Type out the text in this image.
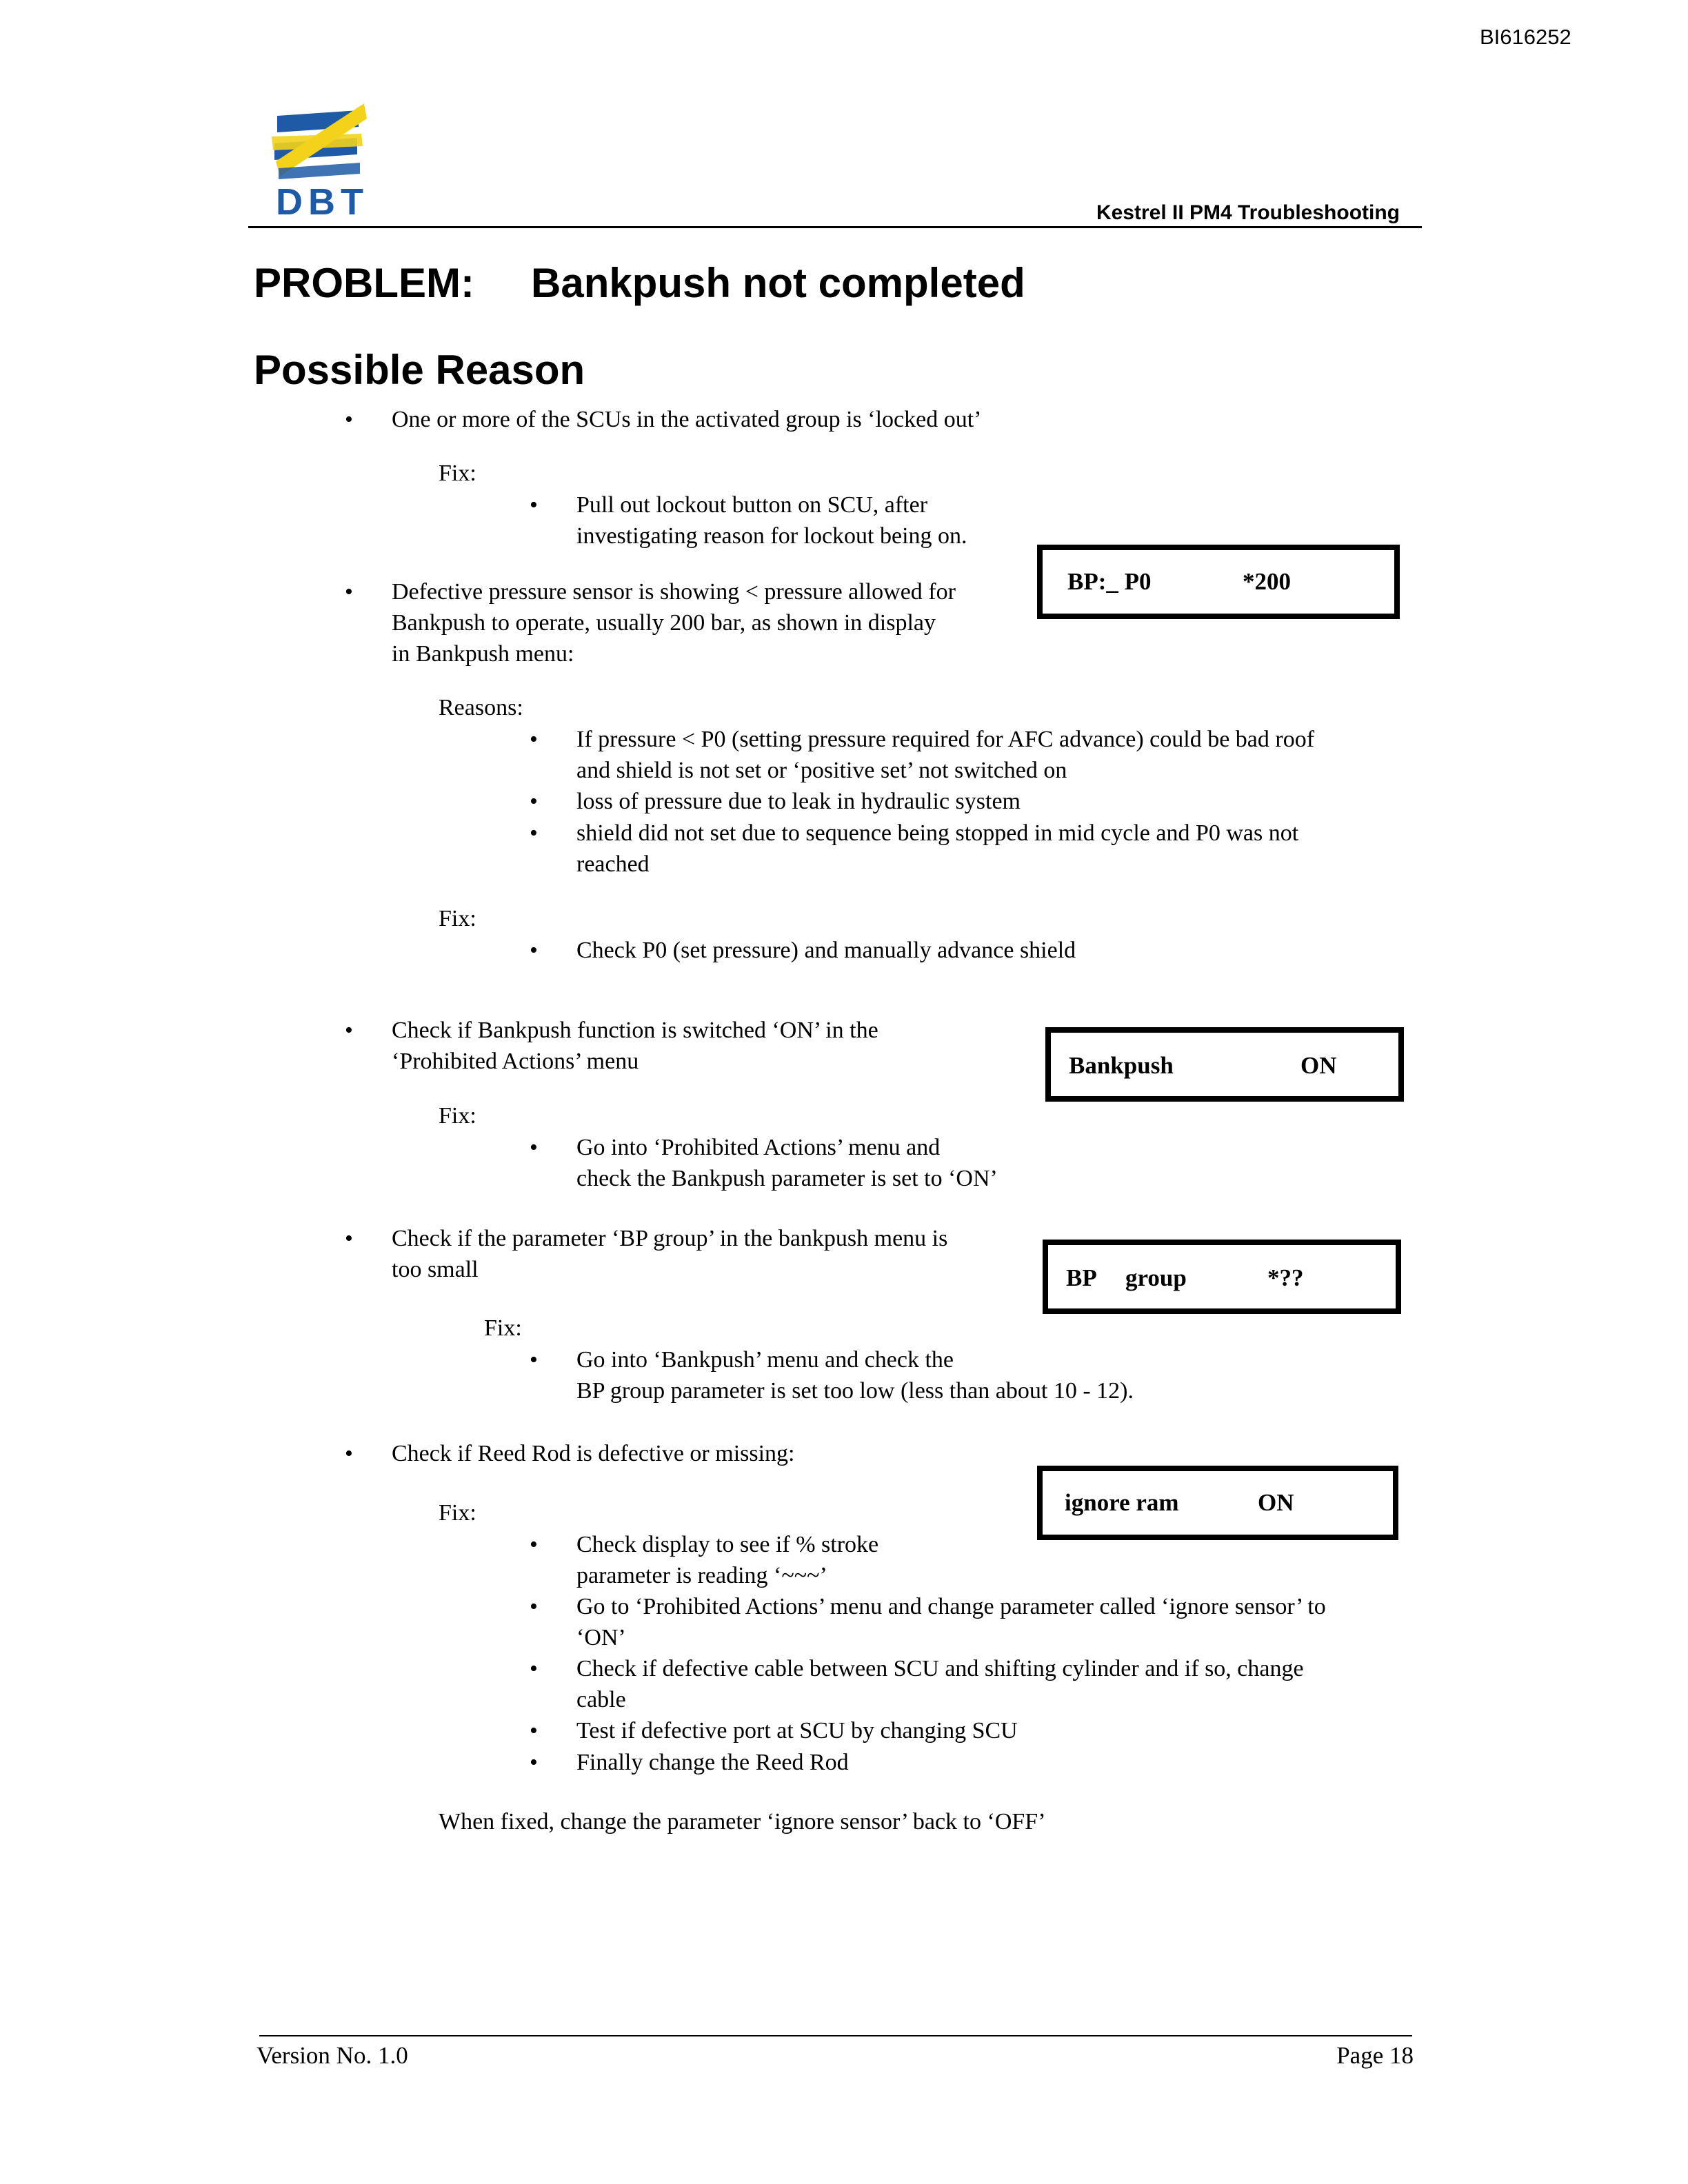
BI616252
DBT	Kestrel II PM4 Troubleshooting
PROBLEM: Bankpush not completed
Possible Reason
• One or more of the SCUs in the activated group is ‘locked out’
Fix:
• Pull out lockout button on SCU, after
investigating reason for lockout being on.
• Defective pressure sensor is showing < pressure allowed for
Bankpush to operate, usually 200 bar, as shown in display
in Bankpush menu:
BP:_ P0	*200
Reasons:
• If pressure < P0 (setting pressure required for AFC advance) could be bad roof
and shield is not set or ‘positive set’ not switched on
• loss of pressure due to leak in hydraulic system
• shield did not set due to sequence being stopped in mid cycle and P0 was not
reached
Fix:
• Check P0 (set pressure) and manually advance shield
• Check if Bankpush function is switched ‘ON’ in the
‘Prohibited Actions’ menu	Bankpush	ON
Fix:
• Go into ‘Prohibited Actions’ menu and
check the Bankpush parameter is set to ‘ON’
• Check if the parameter ‘BP group’ in the bankpush menu is
too small	BP group	*??
Fix:
• Go into ‘Bankpush’ menu and check the
BP group parameter is set too low (less than about 10 - 12).
• Check if Reed Rod is defective or missing:
ignore ram	ON
Fix:
• Check display to see if % stroke
parameter is reading ‘~~~’
• Go to ‘Prohibited Actions’ menu and change parameter called ‘ignore sensor’ to
‘ON’
• Check if defective cable between SCU and shifting cylinder and if so, change
cable
• Test if defective port at SCU by changing SCU
• Finally change the Reed Rod
When fixed, change the parameter ‘ignore sensor’ back to ‘OFF’
Version No. 1.0	Page 18
